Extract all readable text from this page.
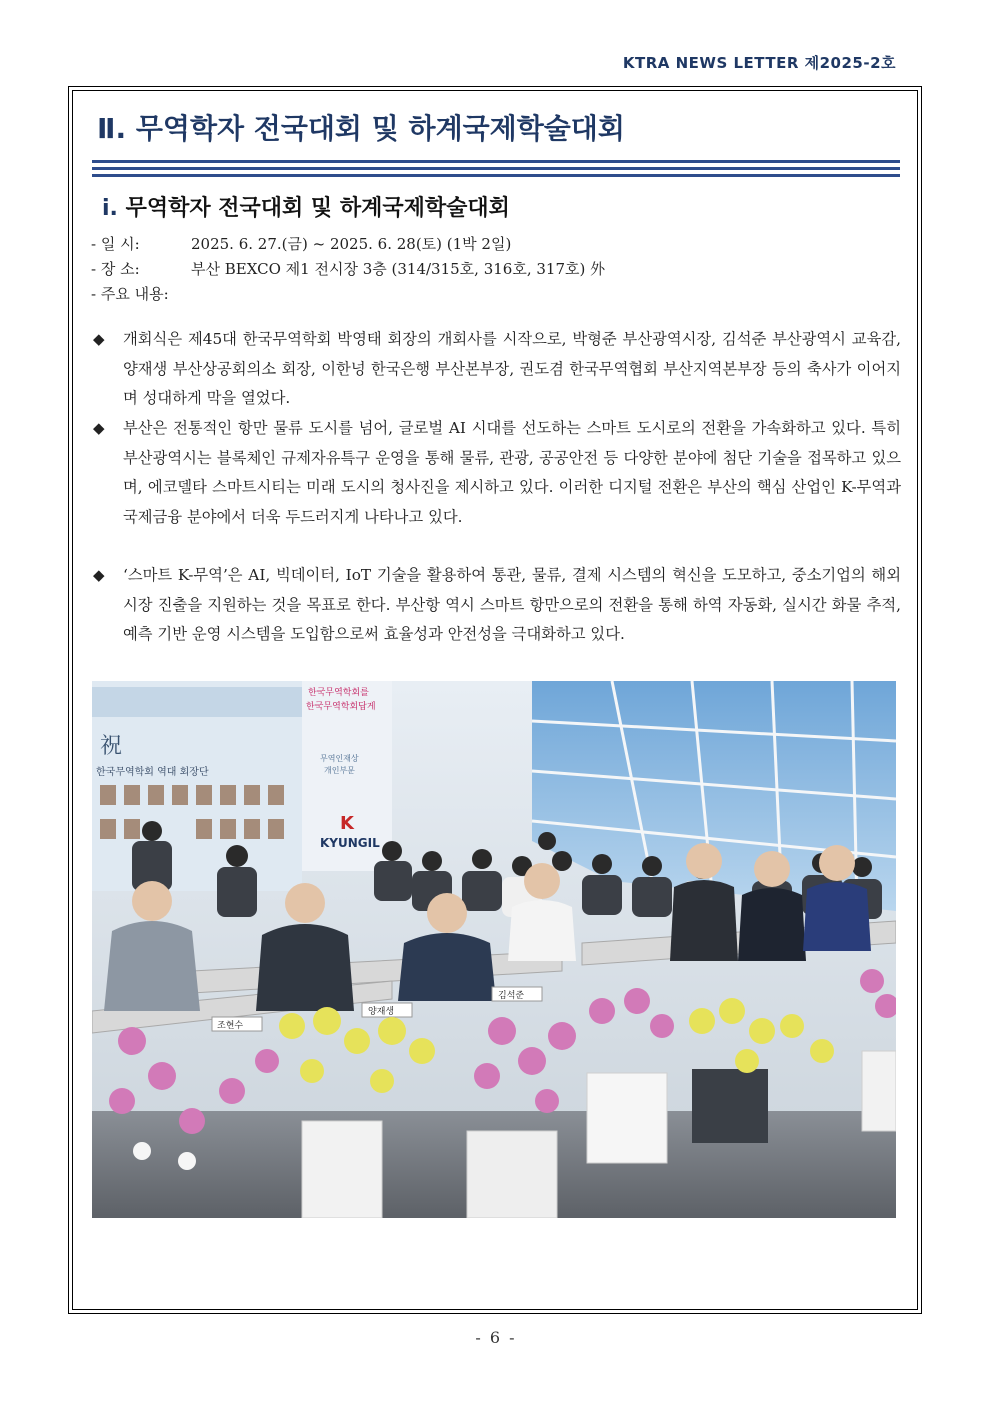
KTRA NEWS LETTER 제2025-2호
Ⅱ. 무역학자 전국대회 및 하계국제학술대회
ⅰ. 무역학자 전국대회 및 하계국제학술대회
- 일 시:	2025. 6. 27.(금) ~ 2025. 6. 28(토) (1박 2일)
- 장 소:	부산 BEXCO 제1 전시장 3층 (314/315호, 316호, 317호) 外
- 주요 내용:
◆ 개회식은 제45대 한국무역학회 박영태 회장의 개회사를 시작으로, 박형준 부산광역시장, 김석준 부산광역시 교육감, 양재생 부산상공회의소 회장, 이한넝 한국은행 부산본부장, 권도겸 한국무역협회 부산지역본부장 등의 축사가 이어지며 성대하게 막을 열었다.
◆ 부산은 전통적인 항만 물류 도시를 넘어, 글로벌 AI 시대를 선도하는 스마트 도시로의 전환을 가속화하고 있다. 특히 부산광역시는 블록체인 규제자유특구 운영을 통해 물류, 관광, 공공안전 등 다양한 분야에 첨단 기술을 접목하고 있으며, 에코델타 스마트시티는 미래 도시의 청사진을 제시하고 있다. 이러한 디지털 전환은 부산의 핵심 산업인 K-무역과 국제금융 분야에서 더욱 두드러지게 나타나고 있다.
◆ ‘스마트 K-무역’은 AI, 빅데이터, IoT 기술을 활용하여 통관, 물류, 결제 시스템의 혁신을 도모하고, 중소기업의 해외시장 진출을 지원하는 것을 목표로 한다. 부산항 역시 스마트 항만으로의 전환을 통해 하역 자동화, 실시간 화물 추적, 예측 기반 운영 시스템을 도입함으로써 효율성과 안전성을 극대화하고 있다.
祝
한국무역학회 역대 회장단
한국무역학회를
한국무역학회답게
무역인재상
개인부문
K
KYUNGIL
조현수
양재생
김석준
- 6 -
